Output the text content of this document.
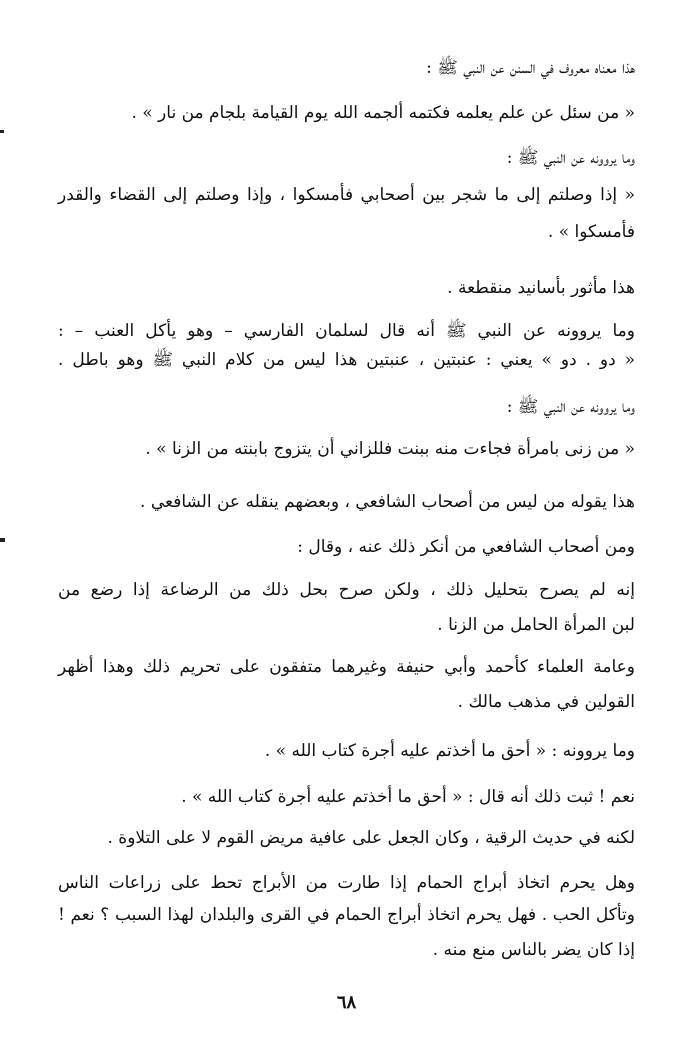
هذا معناه معروف في السنن عن النبي ﷺ :
« من سئل عن علم يعلمه فكتمه ألجمه الله يوم القيامة بلجام من نار » .
وما يروونه عن النبي ﷺ :
« إذا وصلتم إلى ما شجر بين أصحابي فأمسكوا ، وإذا وصلتم إلى القضاء والقدر
فأمسكوا » .
هذا مأثور بأسانيد منقطعة .
وما يروونه عن النبي ﷺ أنه قال لسلمان الفارسي – وهو يأكل العنب – :
« دو . دو » يعني : عنبتين ، عنبتين هذا ليس من كلام النبي ﷺ وهو باطل .
وما يروونه عن النبي ﷺ :
« من زنى بامرأة فجاءت منه ببنت فللزاني أن يتزوج بابنته من الزنا » .
هذا يقوله من ليس من أصحاب الشافعي ، وبعضهم ينقله عن الشافعي .
ومن أصحاب الشافعي من أنكر ذلك عنه ، وقال :
إنه لم يصرح بتحليل ذلك ، ولكن صرح بحل ذلك من الرضاعة إذا رضع من
لبن المرأة الحامل من الزنا .
وعامة العلماء كأحمد وأبي حنيفة وغيرهما متفقون على تحريم ذلك وهذا أظهر
القولين في مذهب مالك .
وما يروونه : « أحق ما أخذتم عليه أجرة كتاب الله » .
نعم ! ثبت ذلك أنه قال : « أحق ما أخذتم عليه أجرة كتاب الله » .
لكنه في حديث الرقية ، وكان الجعل على عافية مريض القوم لا على التلاوة .
وهل يحرم اتخاذ أبراج الحمام إذا طارت من الأبراج تحط على زراعات الناس
وتأكل الحب . فهل يحرم اتخاذ أبراج الحمام في القرى والبلدان لهذا السبب ؟ نعم !
إذا كان يضر بالناس منع منه .
٦٨
